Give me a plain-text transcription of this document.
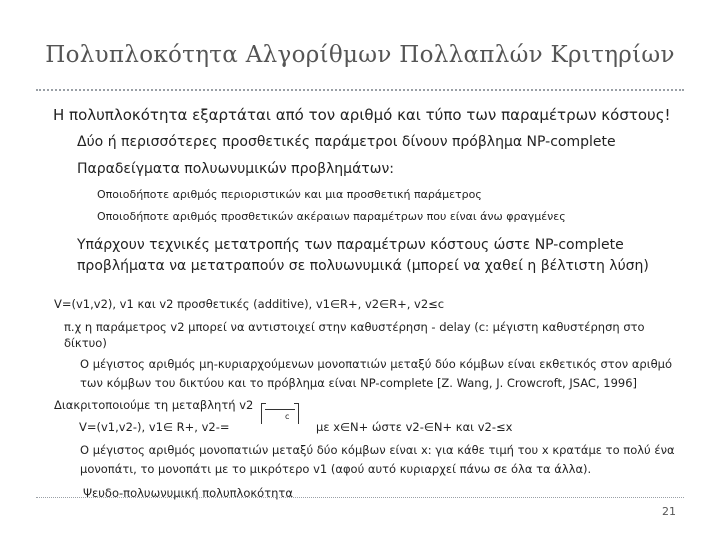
Πολυπλοκότητα Αλγορίθμων Πολλαπλών Κριτηρίων
Η πολυπλοκότητα εξαρτάται από τον αριθμό και τύπο των παραμέτρων κόστους!
Δύο ή περισσότερες προσθετικές παράμετροι δίνουν πρόβλημα NP-complete
Παραδείγματα πολυωνυμικών προβλημάτων:
Οποιοδήποτε αριθμός περιοριστικών και μια προσθετική παράμετρος
Οποιοδήποτε αριθμός προσθετικών ακέραιων παραμέτρων που είναι άνω φραγμένες
Υπάρχουν τεχνικές μετατροπής των παραμέτρων κόστους ώστε NP-complete
προβλήματα να μετατραπούν σε πολυωνυμικά (μπορεί να χαθεί η βέλτιστη λύση)
V=(v1,v2), v1 και v2 προσθετικές (additive), v1∈R+, v2∈R+, v2≤c
π.χ η παράμετρος v2 μπορεί να αντιστοιχεί στην καθυστέρηση - delay (c: μέγιστη καθυστέρηση στο
δίκτυο)
Ο μέγιστος αριθμός μη-κυριαρχούμενων μονοπατιών μεταξύ δύο κόμβων είναι εκθετικός στον αριθμό
των κόμβων του δικτύου και το πρόβλημα είναι NP-complete [Z. Wang, J. Crowcroft, JSAC, 1996]
Διακριτοποιούμε τη μεταβλητή v2
V=(v1,v2-), v1∈ R+, v2-=
c
με x∈N+ ώστε v2-∈N+ και v2-≤x
Ο μέγιστος αριθμός μονοπατιών μεταξύ δύο κόμβων είναι x: για κάθε τιμή του x κρατάμε το πολύ ένα
μονοπάτι, το μονοπάτι με το μικρότερο v1 (αφού αυτό κυριαρχεί πάνω σε όλα τα άλλα).
Ψευδο-πολυωνυμική πολυπλοκότητα
21
